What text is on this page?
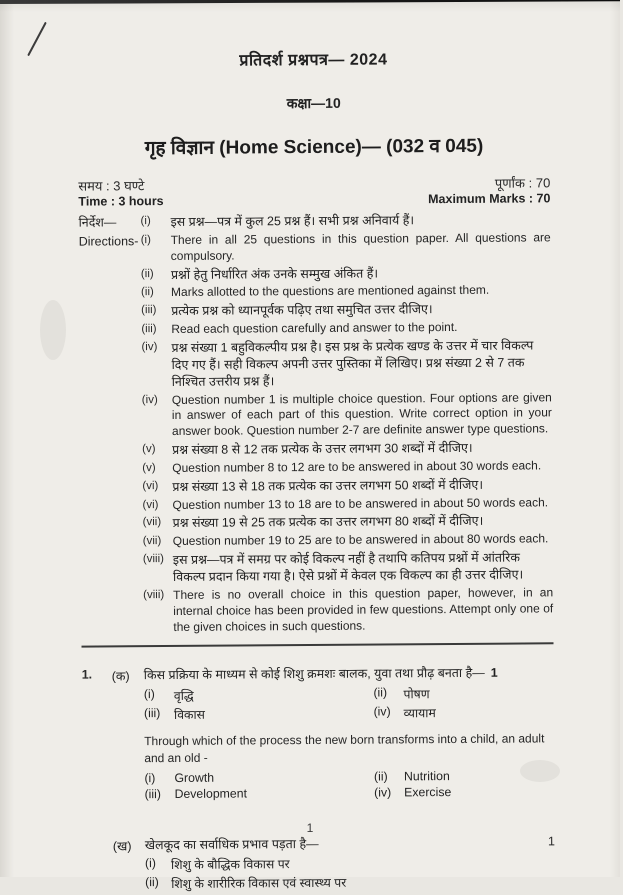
प्रतिदर्श प्रश्नपत्र— 2024
कक्षा—10
गृह विज्ञान (Home Science)— (032 व 045)
समय : 3 घण्टे
Time : 3 hours
पूर्णांक : 70
Maximum Marks : 70
निर्देश—	(i)	इस प्रश्न—पत्र में कुल 25 प्रश्न हैं। सभी प्रश्न अनिवार्य हैं।
Directions- (i)	There in all 25 questions in this question paper. All questions are compulsory.
(ii)	प्रश्नों हेतु निर्धारित अंक उनके सम्मुख अंकित हैं।
(ii)	Marks allotted to the questions are mentioned against them.
(iii)	प्रत्येक प्रश्न को ध्यानपूर्वक पढ़िए तथा समुचित उत्तर दीजिए।
(iii)	Read each question carefully and answer to the point.
(iv)	प्रश्न संख्या 1 बहुविकल्पीय प्रश्न है। इस प्रश्न के प्रत्येक खण्ड के उत्तर में चार विकल्प दिए गए हैं। सही विकल्प अपनी उत्तर पुस्तिका में लिखिए। प्रश्न संख्या 2 से 7 तक निश्चित उत्तरीय प्रश्न हैं।
(iv)	Question number 1 is multiple choice question. Four options are given in answer of each part of this question. Write correct option in your answer book. Question number 2-7 are definite answer type questions.
(v)	प्रश्न संख्या 8 से 12 तक प्रत्येक के उत्तर लगभग 30 शब्दों में दीजिए।
(v)	Question number 8 to 12 are to be answered in about 30 words each.
(vi)	प्रश्न संख्या 13 से 18 तक प्रत्येक का उत्तर लगभग 50 शब्दों में दीजिए।
(vi)	Question number 13 to 18 are to be answered in about 50 words each.
(vii) प्रश्न संख्या 19 से 25 तक प्रत्येक का उत्तर लगभग 80 शब्दों में दीजिए।
(vii) Question number 19 to 25 are to be answered in about 80 words each.
(viii) इस प्रश्न—पत्र में समग्र पर कोई विकल्प नहीं है तथापि कतिपय प्रश्नों में आंतरिक विकल्प प्रदान किया गया है। ऐसे प्रश्नों में केवल एक विकल्प का ही उत्तर दीजिए।
(viii) There is no overall choice in this question paper, however, in an internal choice has been provided in few questions. Attempt only one of the given choices in such questions.
1.	(क)	किस प्रक्रिया के माध्यम से कोई शिशु क्रमशः बालक, युवा तथा प्रौढ़ बनता है— 1
(i)	वृद्धि	(ii)	पोषण
(iii)	विकास	(iv)	व्यायाम
Through which of the process the new born transforms into a child, an adult and an old -
(i)	Growth	(ii)	Nutrition
(iii)	Development	(iv)	Exercise
(ख)	खेलकूद का सर्वाधिक प्रभाव पड़ता है—	1
(i)	शिशु के बौद्धिक विकास पर
(ii) शिशु के शारीरिक विकास एवं स्वास्थ्य पर
1
